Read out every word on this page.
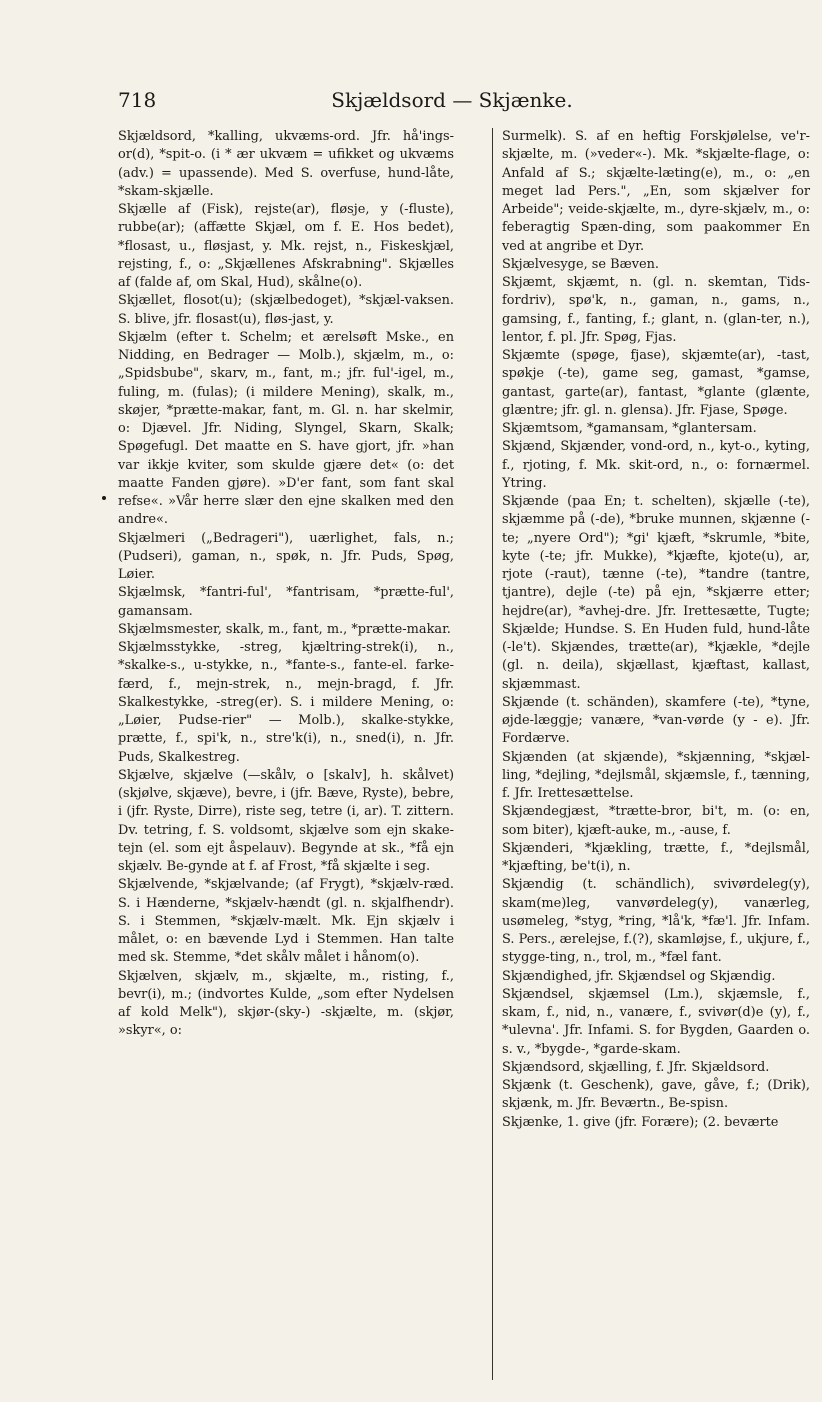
718	Skjældsord — Skjænke.

Skjældsord, *kalling, ukvæms-ord. Jfr. hå'ings-or(d), *spit-o. (i * ær ukvæm = ufikket og ukvæms (adv.) = upassende). Med S. overfuse, hund-låte, *skam-skjælle.

Skjælle af (Fisk), rejste(ar), fløsje, y (-fluste), rubbe(ar); (affætte Skjæl, om f. E. Hos bedet), *flosast, u., fløsjast, y. Mk. rejst, n., Fiskeskjæl, rejsting, f., o: „Skjællenes Afskrabning". Skjælles af (falde af, om Skal, Hud), skålne(o).

Skjællet, flosot(u); (skjælbedoget), *skjæl-vaksen. S. blive, jfr. flosast(u), fløs-jast, y.

Skjælm (efter t. Schelm; et ærelsøft Mske., en Nidding, en Bedrager — Molb.), skjælm, m., o: „Spidsbube", skarv, m., fant, m.; jfr. ful'-igel, m., fuling, m. (fulas); (i mildere Mening), skalk, m., skøjer, *prætte-makar, fant, m. Gl. n. har skelmir, o: Djævel. Jfr. Niding, Slyngel, Skarn, Skalk; Spøgefugl. Det maatte en S. have gjort, jfr. »han var ikkje kviter, som skulde gjære det« (o: det maatte Fanden gjøre). »D'er fant, som fant skal refse«. »Vår herre slær den ejne skalken med den andre«.

Skjælmeri („Bedrageri"), uærlighet, fals, n.; (Pudseri), gaman, n., spøk, n. Jfr. Puds, Spøg, Løier.

Skjælmsk, *fantri-ful', *fantrisam, *prætte-ful', gamansam.

Skjælmsmester, skalk, m., fant, m., *prætte-makar.

Skjælmsstykke, -streg, kjæltring-strek(i), n., *skalke-s., u-stykke, n., *fante-s., fante-el. farke-færd, f., mejn-strek, n., mejn-bragd, f. Jfr. Skalkestykke, -streg(er). S. i mildere Mening, o: „Løier, Pudse-rier" — Molb.), skalke-stykke, prætte, f., spi'k, n., stre'k(i), n., sned(i), n. Jfr. Puds, Skalkestreg.

Skjælve, skjælve (—skålv, o [skalv], h. skålvet) (skjølve, skjæve), bevre, i (jfr. Bæve, Ryste), bebre, i (jfr. Ryste, Dirre), riste seg, tetre (i, ar). T. zittern. Dv. tetring, f. S. voldsomt, skjælve som ejn skake-tejn (el. som ejt åspelauv). Begynde at sk., *få ejn skjælv. Be-gynde at f. af Frost, *få skjælte i seg.

Skjælvende, *skjælvande; (af Frygt), *skjælv-ræd. S. i Hænderne, *skjælv-hændt (gl. n. skjalfhendr). S. i Stemmen, *skjælv-mælt. Mk. Ejn skjælv i målet, o: en bævende Lyd i Stemmen. Han talte med sk. Stemme, *det skålv målet i hånom(o).

Skjælven, skjælv, m., skjælte, m., risting, f., bevr(i), m.; (indvortes Kulde, „som efter Nydelsen af kold Melk"), skjør-(sky-) -skjælte, m. (skjør, »skyr«, o:

Surmelk). S. af en heftig Forskjølelse, ve'r-skjælte, m. (»veder«-). Mk. *skjælte-flage, o: Anfald af S.; skjælte-læting(e), m., o: „en meget lad Pers.", „En, som skjælver for Arbeide"; veide-skjælte, m., dyre-skjælv, m., o: feberagtig Spæn-ding, som paakommer En ved at angribe et Dyr.

Skjælvesyge, se Bæven.

Skjæmt, skjæmt, n. (gl. n. skemtan, Tids-fordriv), spø'k, n., gaman, n., gams, n., gamsing, f., fanting, f.; glant, n. (glan-ter, n.), lentor, f. pl. Jfr. Spøg, Fjas.

Skjæmte (spøge, fjase), skjæmte(ar), -tast, spøkje (-te), game seg, gamast, *gamse, gantast, garte(ar), fantast, *glante (glænte, glæntre; jfr. gl. n. glensa). Jfr. Fjase, Spøge.

Skjæmtsom, *gamansam, *glantersam.

Skjænd, Skjænder, vond-ord, n., kyt-o., kyting, f., rjoting, f. Mk. skit-ord, n., o: fornærmel. Ytring.

Skjænde (paa En; t. schelten), skjælle (-te), skjæmme på (-de), *bruke munnen, skjænne (-te; „nyere Ord"); *gi' kjæft, *skrumle, *bite, kyte (-te; jfr. Mukke), *kjæfte, kjote(u), ar, rjote (-raut), tænne (-te), *tandre (tantre, tjantre), dejle (-te) på ejn, *skjærre etter; hejdre(ar), *avhej-dre. Jfr. Irettesætte, Tugte; Skjælde; Hundse. S. En Huden fuld, hund-låte (-le't). Skjændes, trætte(ar), *kjækle, *dejle (gl. n. deila), skjællast, kjæftast, kallast, skjæmmast.

Skjænde (t. schänden), skamfere (-te), *tyne, øjde-læggje; vanære, *van-vørde (y - e). Jfr. Fordærve.

Skjænden (at skjænde), *skjænning, *skjæl-ling, *dejling, *dejlsmål, skjæmsle, f., tænning, f. Jfr. Irettesættelse.

Skjændegjæst, *trætte-bror, bi't, m. (o: en, som biter), kjæft-auke, m., -ause, f.

Skjænderi, *kjækling, trætte, f., *dejlsmål, *kjæfting, be't(i), n.

Skjændig (t. schändlich), svivørdeleg(y), skam(me)leg, vanvørdeleg(y), vanærleg, usømeleg, *styg, *ring, *lå'k, *fæ'l. Jfr. Infam. S. Pers., ærelejse, f.(?), skamløjse, f., ukjure, f., stygge-ting, n., trol, m., *fæl fant.

Skjændighed, jfr. Skjændsel og Skjændig.

Skjændsel, skjæmsel (Lm.), skjæmsle, f., skam, f., nid, n., vanære, f., svivør(d)e (y), f., *ulevna'. Jfr. Infami. S. for Bygden, Gaarden o. s. v., *bygde-, *garde-skam.

Skjændsord, skjælling, f. Jfr. Skjældsord.

Skjænk (t. Geschenk), gave, gåve, f.; (Drik), skjænk, m. Jfr. Beværtn., Be-spisn.

Skjænke, 1. give (jfr. Forære); (2. beværte
